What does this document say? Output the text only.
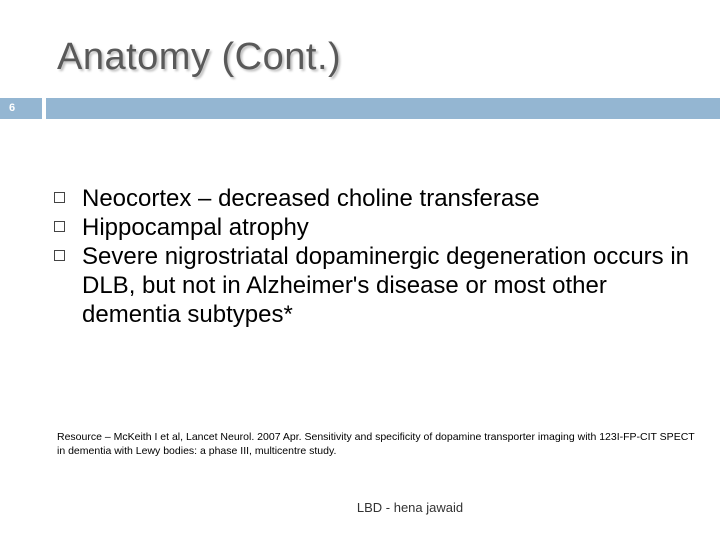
Anatomy (Cont.)
6
Neocortex – decreased choline transferase
Hippocampal atrophy
Severe nigrostriatal dopaminergic degeneration occurs in DLB, but not in Alzheimer's disease or most other dementia subtypes*
Resource – McKeith I et al, Lancet Neurol. 2007 Apr. Sensitivity and specificity of dopamine transporter imaging with 123I-FP-CIT SPECT in dementia with Lewy bodies: a phase III, multicentre study.
LBD - hena jawaid
